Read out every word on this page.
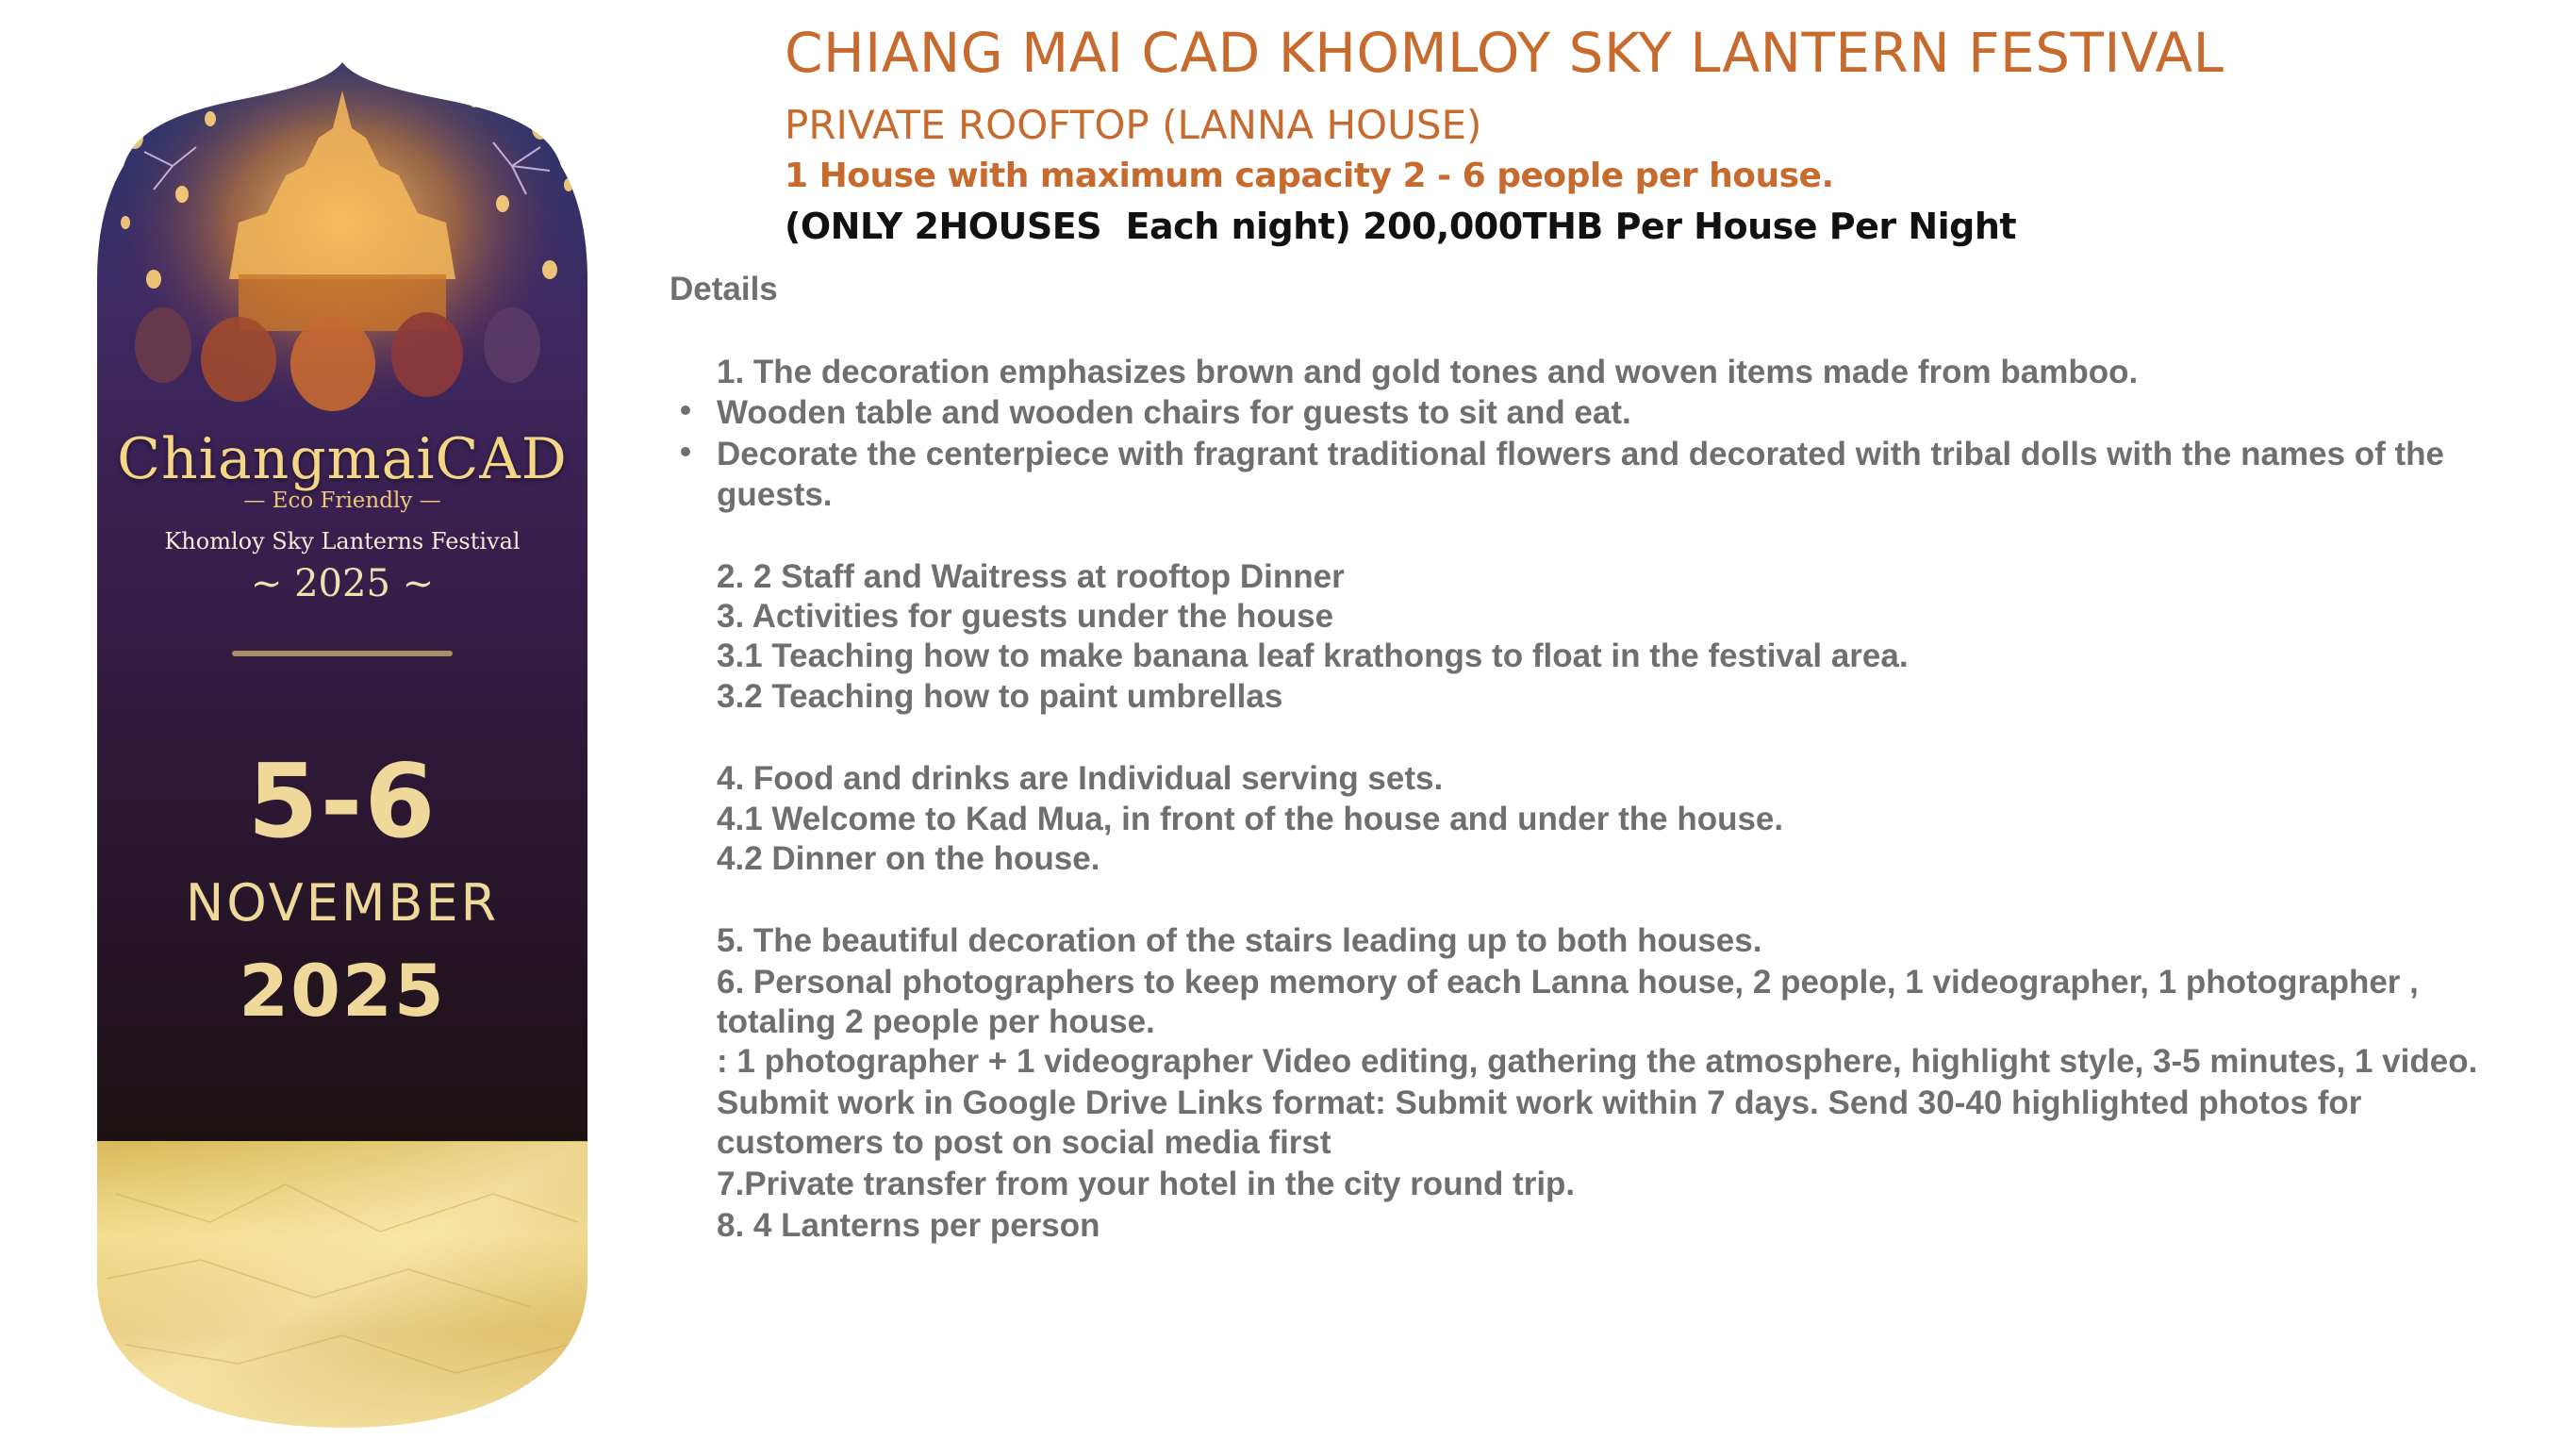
ChiangmaiCAD
— Eco Friendly —
Khomloy Sky Lanterns Festival
~ 2025 ~
5-6
NOVEMBER
2025
CHIANG MAI CAD KHOMLOY SKY LANTERN FESTIVAL
PRIVATE ROOFTOP (LANNA HOUSE)
1 House with maximum capacity 2 - 6 people per house.
(ONLY 2HOUSES  Each night) 200,000THB Per House Per Night
Details
1. The decoration emphasizes brown and gold tones and woven items made from bamboo.
Wooden table and wooden chairs for guests to sit and eat.
Decorate the centerpiece with fragrant traditional flowers and decorated with tribal dolls with the names of the
guests.
2. 2 Staff and Waitress at rooftop Dinner
3. Activities for guests under the house
3.1 Teaching how to make banana leaf krathongs to float in the festival area.
3.2 Teaching how to paint umbrellas
4. Food and drinks are Individual serving sets.
4.1 Welcome to Kad Mua, in front of the house and under the house.
4.2 Dinner on the house.
5. The beautiful decoration of the stairs leading up to both houses.
6. Personal photographers to keep memory of each Lanna house, 2 people, 1 videographer, 1 photographer ,
totaling 2 people per house.
: 1 photographer + 1 videographer Video editing, gathering the atmosphere, highlight style, 3-5 minutes, 1 video.
Submit work in Google Drive Links format: Submit work within 7 days. Send 30-40 highlighted photos for
customers to post on social media first
7.Private transfer from your hotel in the city round trip.
8. 4 Lanterns per person
